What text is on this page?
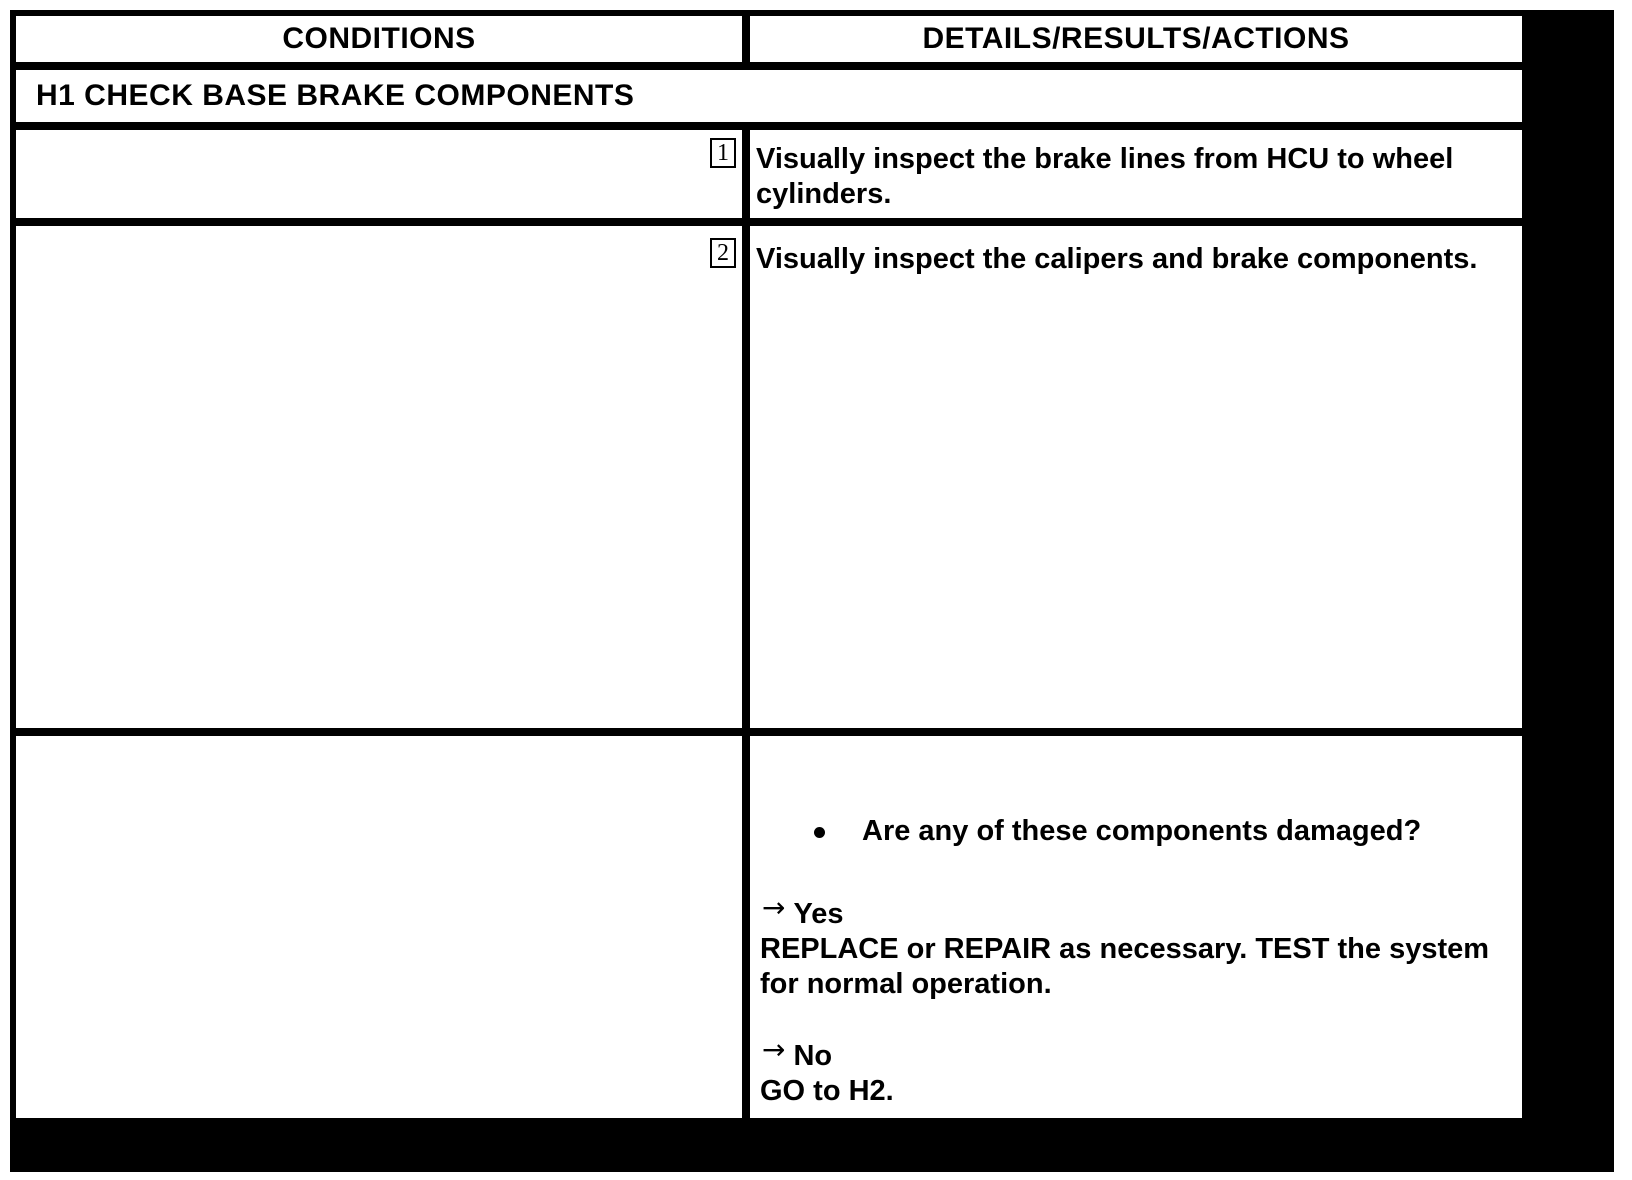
CONDITIONS	DETAILS/RESULTS/ACTIONS
H1 CHECK BASE BRAKE COMPONENTS
1 Visually inspect the brake lines from HCU to wheel cylinders.
2 Visually inspect the calipers and brake components.
Are any of these components damaged?
→ Yes
REPLACE or REPAIR as necessary. TEST the system for normal operation.
→ No
GO to H2.
